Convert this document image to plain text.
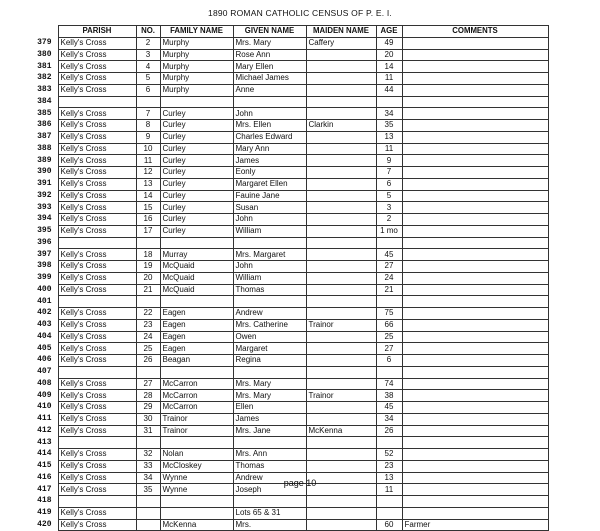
1890 ROMAN CATHOLIC CENSUS OF P. E. I.
	PARISH	NO.	FAMILY NAME	GIVEN NAME	MAIDEN NAME	AGE	COMMENTS
379	Kelly's Cross	2	Murphy	Mrs. Mary	Caffery	49	
380	Kelly's Cross	3	Murphy	Rose Ann		20	
381	Kelly's Cross	4	Murphy	Mary Ellen		14	
382	Kelly's Cross	5	Murphy	Michael James		11	
383	Kelly's Cross	6	Murphy	Anne		44	
384							
385	Kelly's Cross	7	Curley	John		34	
386	Kelly's Cross	8	Curley	Mrs. Ellen	Clarkin	35	
387	Kelly's Cross	9	Curley	Charles Edward		13	
388	Kelly's Cross	10	Curley	Mary Ann		11	
389	Kelly's Cross	11	Curley	James		9	
390	Kelly's Cross	12	Curley	Eonly		7	
391	Kelly's Cross	13	Curley	Margaret Ellen		6	
392	Kelly's Cross	14	Curley	Fauine Jane		5	
393	Kelly's Cross	15	Curley	Susan		3	
394	Kelly's Cross	16	Curley	John		2	
395	Kelly's Cross	17	Curley	William		1 mo	
396							
397	Kelly's Cross	18	Murray	Mrs. Margaret		45	
398	Kelly's Cross	19	McQuaid	John		27	
399	Kelly's Cross	20	McQuaid	William		24	
400	Kelly's Cross	21	McQuaid	Thomas		21	
401							
402	Kelly's Cross	22	Eagen	Andrew		75	
403	Kelly's Cross	23	Eagen	Mrs. Catherine	Trainor	66	
404	Kelly's Cross	24	Eagen	Owen		25	
405	Kelly's Cross	25	Eagen	Margaret		27	
406	Kelly's Cross	26	Beagan	Regina		6	
407							
408	Kelly's Cross	27	McCarron	Mrs. Mary		74	
409	Kelly's Cross	28	McCarron	Mrs. Mary	Trainor	38	
410	Kelly's Cross	29	McCarron	Ellen		45	
411	Kelly's Cross	30	Trainor	James		34	
412	Kelly's Cross	31	Trainor	Mrs. Jane	McKenna	26	
413							
414	Kelly's Cross	32	Nolan	Mrs. Ann		52	
415	Kelly's Cross	33	McCloskey	Thomas		23	
416	Kelly's Cross	34	Wynne	Andrew		13	
417	Kelly's Cross	35	Wynne	Joseph		11	
418							
419	Kelly's Cross			Lots 65 & 31			
420	Kelly's Cross		McKenna	Mrs.		60	Farmer
page 10
